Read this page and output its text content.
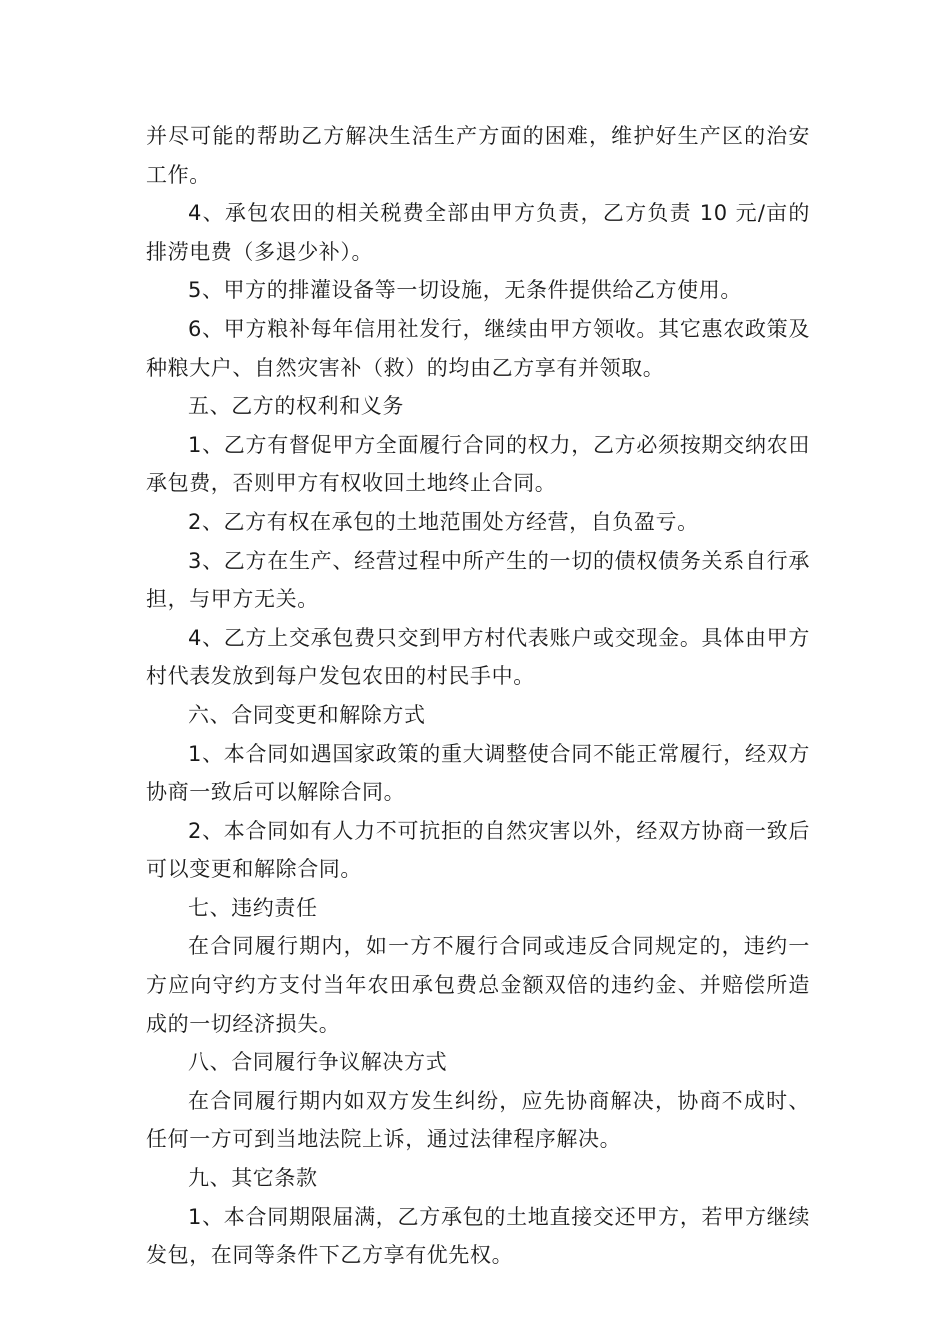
并尽可能的帮助乙方解决生活生产方面的困难，维护好生产区的治安工作。

4、承包农田的相关税费全部由甲方负责，乙方负责 10 元/亩的排涝电费（多退少补）。

5、甲方的排灌设备等一切设施，无条件提供给乙方使用。

6、甲方粮补每年信用社发行，继续由甲方领收。其它惠农政策及种粮大户、自然灾害补（救）的均由乙方享有并领取。

五、乙方的权利和义务

1、乙方有督促甲方全面履行合同的权力，乙方必须按期交纳农田承包费，否则甲方有权收回土地终止合同。

2、乙方有权在承包的土地范围处方经营，自负盈亏。

3、乙方在生产、经营过程中所产生的一切的债权债务关系自行承担，与甲方无关。

4、乙方上交承包费只交到甲方村代表账户或交现金。具体由甲方村代表发放到每户发包农田的村民手中。

六、合同变更和解除方式

1、本合同如遇国家政策的重大调整使合同不能正常履行，经双方协商一致后可以解除合同。

2、本合同如有人力不可抗拒的自然灾害以外，经双方协商一致后可以变更和解除合同。

七、违约责任

在合同履行期内，如一方不履行合同或违反合同规定的，违约一方应向守约方支付当年农田承包费总金额双倍的违约金、并赔偿所造成的一切经济损失。

八、合同履行争议解决方式

在合同履行期内如双方发生纠纷，应先协商解决，协商不成时、任何一方可到当地法院上诉，通过法律程序解决。

九、其它条款

1、本合同期限届满，乙方承包的土地直接交还甲方，若甲方继续发包，在同等条件下乙方享有优先权。
